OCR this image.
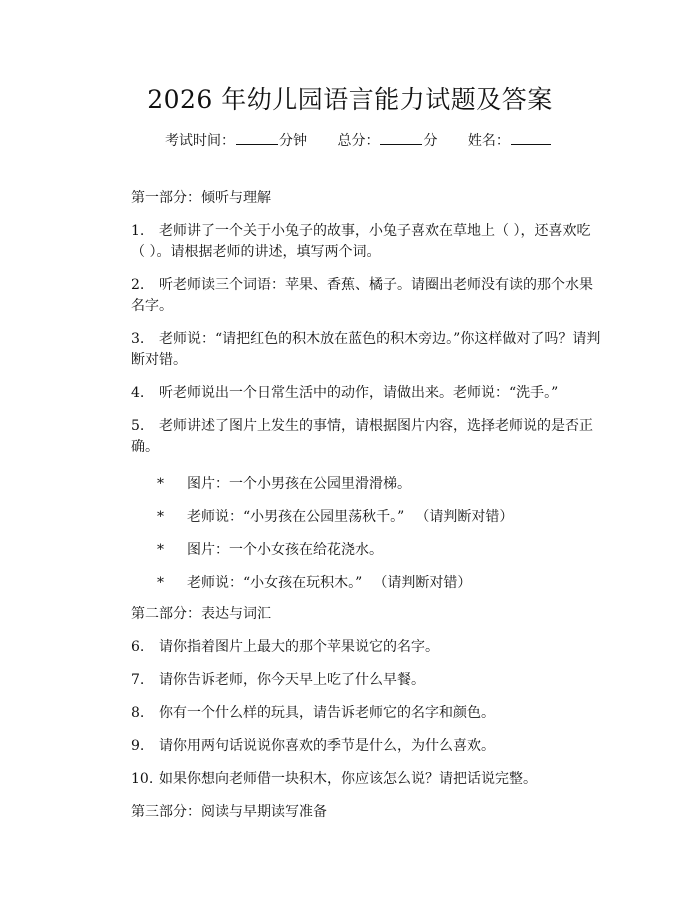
2026 年幼儿园语言能力试题及答案
考试时间：	分钟 总分：	分 姓名：

第一部分：倾听与理解

1. 老师讲了一个关于小兔子的故事，小兔子喜欢在草地上（ ），还喜欢吃（ ）。请根据老师的讲述，填写两个词。

2. 听老师读三个词语：苹果、香蕉、橘子。请圈出老师没有读的那个水果名字。

3. 老师说：“请把红色的积木放在蓝色的积木旁边。”你这样做对了吗？请判断对错。

4. 听老师说出一个日常生活中的动作，请做出来。老师说：“洗手。”

5. 老师讲述了图片上发生的事情，请根据图片内容，选择老师说的是否正确。

* 图片：一个小男孩在公园里滑滑梯。

* 老师说：“小男孩在公园里荡秋千。” （请判断对错）

* 图片：一个小女孩在给花浇水。

* 老师说：“小女孩在玩积木。” （请判断对错）

第二部分：表达与词汇

6. 请你指着图片上最大的那个苹果说它的名字。

7. 请你告诉老师，你今天早上吃了什么早餐。

8. 你有一个什么样的玩具，请告诉老师它的名字和颜色。

9. 请你用两句话说说你喜欢的季节是什么，为什么喜欢。

10. 如果你想向老师借一块积木，你应该怎么说？请把话说完整。

第三部分：阅读与早期读写准备
